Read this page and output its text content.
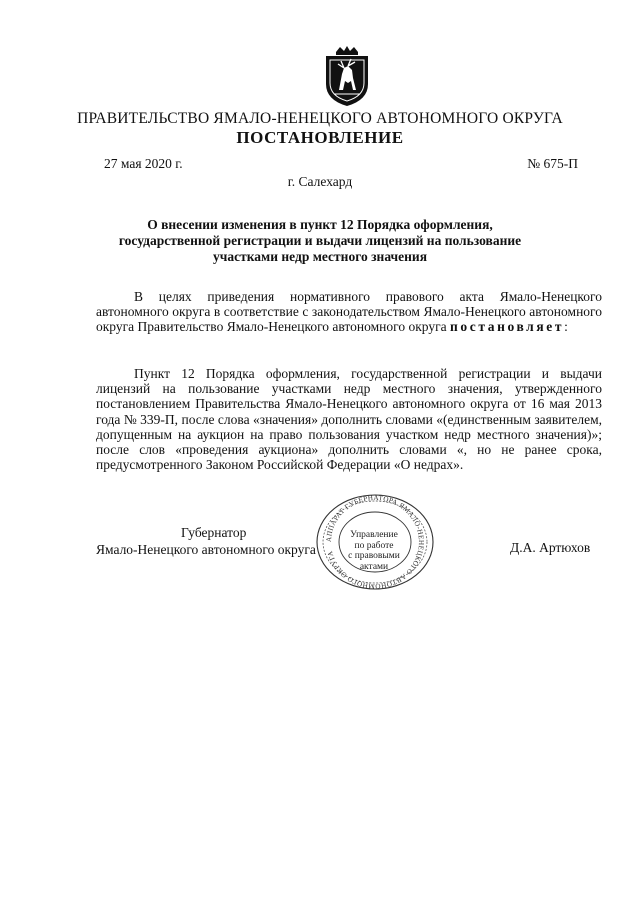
ПРАВИТЕЛЬСТВО ЯМАЛО-НЕНЕЦКОГО АВТОНОМНОГО ОКРУГА
ПОСТАНОВЛЕНИЕ
27 мая 2020 г.	№ 675-П
г. Салехард
О внесении изменения в пункт 12 Порядка оформления,
государственной регистрации и выдачи лицензий на пользование
участками недр местного значения
В целях приведения нормативного правового акта Ямало-Ненецкого автономного округа в соответствие с законодательством Ямало-Ненецкого автономного округа Правительство Ямало-Ненецкого автономного округа постановляет:
Пункт 12 Порядка оформления, государственной регистрации и выдачи лицензий на пользование участками недр местного значения, утвержденного постановлением Правительства Ямало-Ненецкого автономного округа от 16 мая 2013 года № 339-П, после слова «значения» дополнить словами «(единственным заявителем, допущенным на аукцион на право пользования участком недр местного значения)»; после слов «проведения аукциона» дополнить словами «, но не ранее срока, предусмотренного Законом Российской Федерации «О недрах».
Губернатор
Ямало-Ненецкого автономного округа
АППАРАТ ГУБЕРНАТОРА ЯМАЛО-НЕНЕЦКОГО АВТОНОМНОГО ОКРУГА
Управление
по работе
с правовыми
актами
Д.А. Артюхов
